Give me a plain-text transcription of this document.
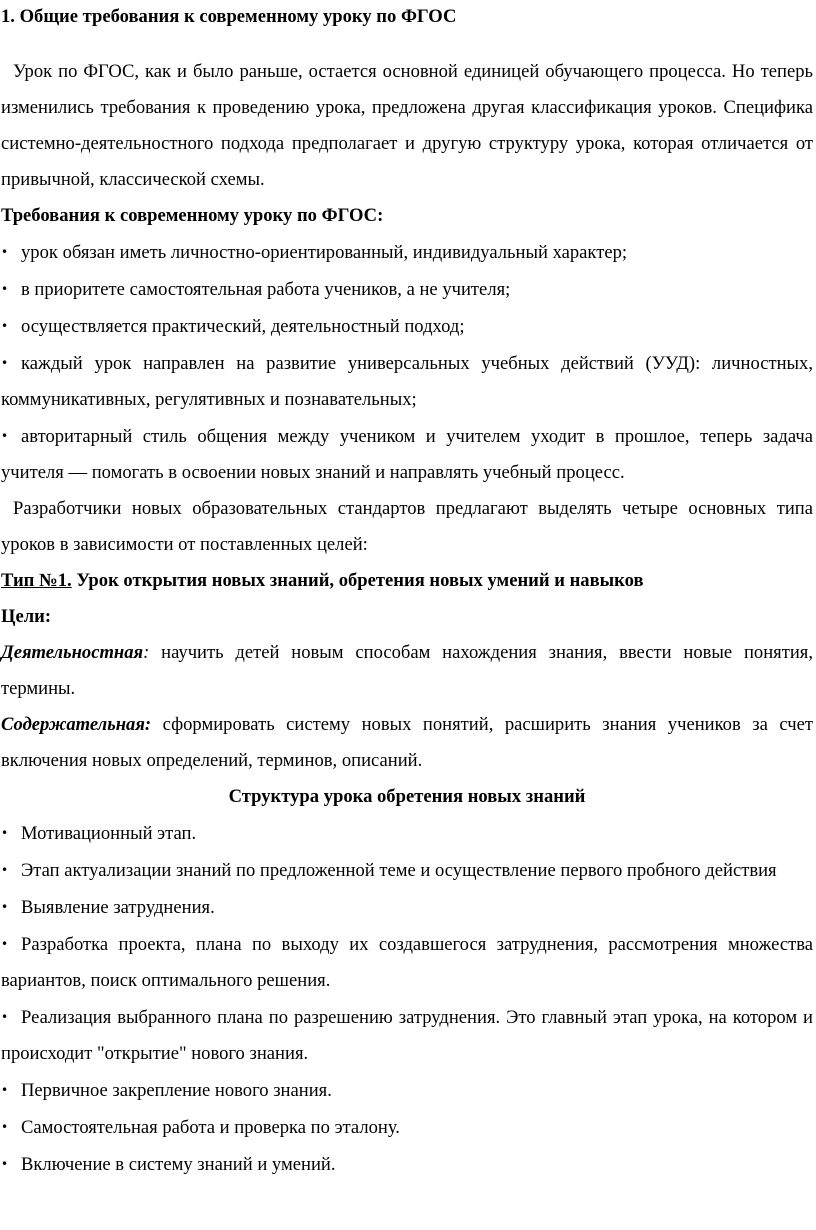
1. Общие требования к современному уроку по ФГОС

Урок по ФГОС, как и было раньше, остается основной единицей обучающего процесса. Но теперь изменились требования к проведению урока, предложена другая классификация уроков. Специфика системно-деятельностного подхода предполагает и другую структуру урока, которая отличается от привычной, классической схемы.

Требования к современному уроку по ФГОС:

• урок обязан иметь личностно-ориентированный, индивидуальный характер;
• в приоритете самостоятельная работа учеников, а не учителя;
• осуществляется практический, деятельностный подход;
• каждый урок направлен на развитие универсальных учебных действий (УУД): личностных, коммуникативных, регулятивных и познавательных;
• авторитарный стиль общения между учеником и учителем уходит в прошлое, теперь задача учителя — помогать в освоении новых знаний и направлять учебный процесс.

Разработчики новых образовательных стандартов предлагают выделять четыре основных типа уроков в зависимости от поставленных целей:

Тип №1. Урок открытия новых знаний, обретения новых умений и навыков

Цели:

Деятельностная: научить детей новым способам нахождения знания, ввести новые понятия, термины.

Содержательная: сформировать систему новых понятий, расширить знания учеников за счет включения новых определений, терминов, описаний.

Структура урока обретения новых знаний

• Мотивационный этап.
• Этап актуализации знаний по предложенной теме и осуществление первого пробного действия
• Выявление затруднения.
• Разработка проекта, плана по выходу их создавшегося затруднения, рассмотрения множества вариантов, поиск оптимального решения.
• Реализация выбранного плана по разрешению затруднения. Это главный этап урока, на котором и происходит "открытие" нового знания.
• Первичное закрепление нового знания.
• Самостоятельная работа и проверка по эталону.
• Включение в систему знаний и умений.
